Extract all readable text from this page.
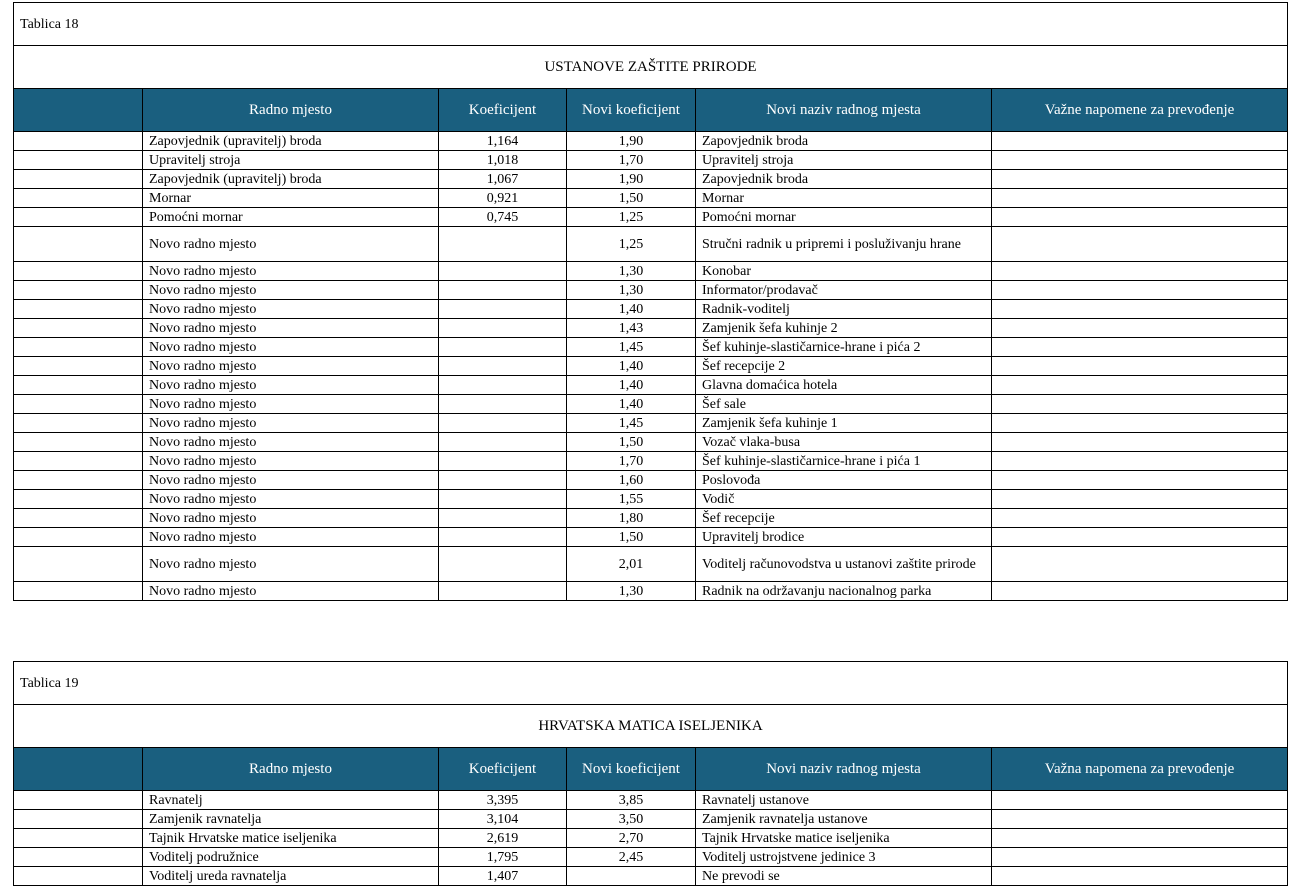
Tablica 18					
USTANOVE ZAŠTITE PRIRODE					
	Radno mjesto	Koeficijent	Novi koeficijent	Novi naziv radnog mjesta	Važne napomene za prevođenje
	Zapovjednik (upravitelj) broda	1,164	1,90	Zapovjednik broda	
	Upravitelj stroja	1,018	1,70	Upravitelj stroja	
	Zapovjednik (upravitelj) broda	1,067	1,90	Zapovjednik broda	
	Mornar	0,921	1,50	Mornar	
	Pomoćni mornar	0,745	1,25	Pomoćni mornar	
	Novo radno mjesto		1,25	Stručni radnik u pripremi i posluživanju hrane	
	Novo radno mjesto		1,30	Konobar	
	Novo radno mjesto		1,30	Informator/prodavač	
	Novo radno mjesto		1,40	Radnik-voditelj	
	Novo radno mjesto		1,43	Zamjenik šefa kuhinje 2	
	Novo radno mjesto		1,45	Šef kuhinje-slastičarnice-hrane i pića 2	
	Novo radno mjesto		1,40	Šef recepcije 2	
	Novo radno mjesto		1,40	Glavna domaćica hotela	
	Novo radno mjesto		1,40	Šef sale	
	Novo radno mjesto		1,45	Zamjenik šefa kuhinje 1	
	Novo radno mjesto		1,50	Vozač vlaka-busa	
	Novo radno mjesto		1,70	Šef kuhinje-slastičarnice-hrane i pića 1	
	Novo radno mjesto		1,60	Poslovođa	
	Novo radno mjesto		1,55	Vodič	
	Novo radno mjesto		1,80	Šef recepcije	
	Novo radno mjesto		1,50	Upravitelj brodice	
	Novo radno mjesto		2,01	Voditelj računovodstva u ustanovi zaštite prirode	
	Novo radno mjesto		1,30	Radnik na održavanju nacionalnog parka	
Tablica 19					
HRVATSKA MATICA ISELJENIKA					
	Radno mjesto	Koeficijent	Novi koeficijent	Novi naziv radnog mjesta	Važna napomena za prevođenje
	Ravnatelj	3,395	3,85	Ravnatelj ustanove	
	Zamjenik ravnatelja	3,104	3,50	Zamjenik ravnatelja ustanove	
	Tajnik Hrvatske matice iseljenika	2,619	2,70	Tajnik Hrvatske matice iseljenika	
	Voditelj podružnice	1,795	2,45	Voditelj ustrojstvene jedinice 3	
	Voditelj ureda ravnatelja	1,407		Ne prevodi se	
